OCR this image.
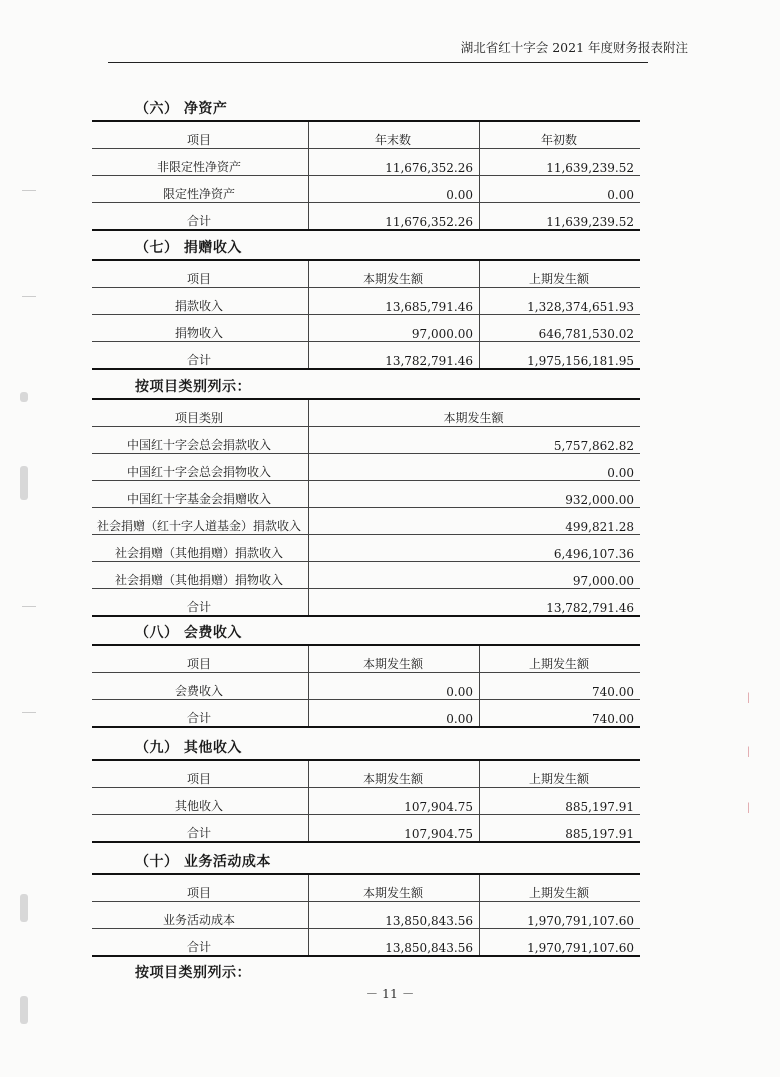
湖北省红十字会 2021 年度财务报表附注
꒐
꒐
꒐
（六） 净资产
项目	年末数	年初数
非限定性净资产	11,676,352.26	11,639,239.52
限定性净资产	0.00	0.00
合计	11,676,352.26	11,639,239.52
（七） 捐赠收入
项目	本期发生额	上期发生额
捐款收入	13,685,791.46	1,328,374,651.93
捐物收入	97,000.00	646,781,530.02
合计	13,782,791.46	1,975,156,181.95
按项目类别列示：
项目类别	本期发生额
中国红十字会总会捐款收入	5,757,862.82
中国红十字会总会捐物收入	0.00
中国红十字基金会捐赠收入	932,000.00
社会捐赠（红十字人道基金）捐款收入	499,821.28
社会捐赠（其他捐赠）捐款收入	6,496,107.36
社会捐赠（其他捐赠）捐物收入	97,000.00
合计	13,782,791.46
（八） 会费收入
项目	本期发生额	上期发生额
会费收入	0.00	740.00
合计	0.00	740.00
（九） 其他收入
项目	本期发生额	上期发生额
其他收入	107,904.75	885,197.91
合计	107,904.75	885,197.91
（十） 业务活动成本
项目	本期发生额	上期发生额
业务活动成本	13,850,843.56	1,970,791,107.60
合计	13,850,843.56	1,970,791,107.60
按项目类别列示：
－ 11 －
